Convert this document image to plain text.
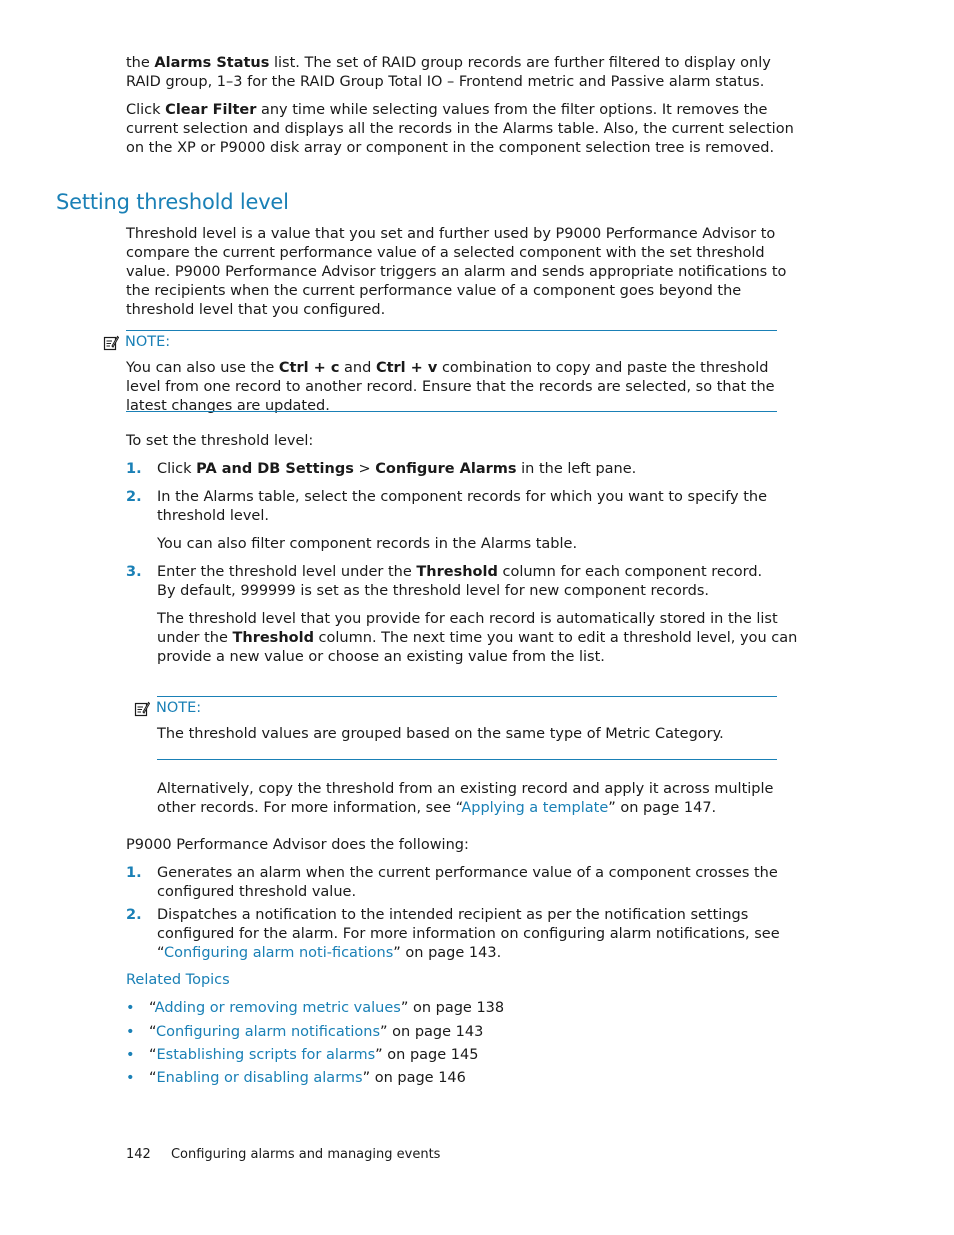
the Alarms Status list. The set of RAID group records are further filtered to display only RAID group, 1–3 for the RAID Group Total IO – Frontend metric and Passive alarm status.

Click Clear Filter any time while selecting values from the filter options. It removes the current selection and displays all the records in the Alarms table. Also, the current selection on the XP or P9000 disk array or component in the component selection tree is removed.

Setting threshold level

Threshold level is a value that you set and further used by P9000 Performance Advisor to compare the current performance value of a selected component with the set threshold value. P9000 Performance Advisor triggers an alarm and sends appropriate notifications to the recipients when the current performance value of a component goes beyond the threshold level that you configured.

NOTE:

You can also use the Ctrl + c and Ctrl + v combination to copy and paste the threshold level from one record to another record. Ensure that the records are selected, so that the latest changes are updated.

To set the threshold level:

1. Click PA and DB Settings > Configure Alarms in the left pane.

2. In the Alarms table, select the component records for which you want to specify the threshold level.

You can also filter component records in the Alarms table.

3. Enter the threshold level under the Threshold column for each component record. By default, 999999 is set as the threshold level for new component records.

The threshold level that you provide for each record is automatically stored in the list under the Threshold column. The next time you want to edit a threshold level, you can provide a new value or choose an existing value from the list.

NOTE:

The threshold values are grouped based on the same type of Metric Category.

Alternatively, copy the threshold from an existing record and apply it across multiple other records. For more information, see “Applying a template” on page 147.

P9000 Performance Advisor does the following:

1. Generates an alarm when the current performance value of a component crosses the configured threshold value.

2. Dispatches a notification to the intended recipient as per the notification settings configured for the alarm. For more information on configuring alarm notifications, see “Configuring alarm noti-fications” on page 143.

Related Topics

• “Adding or removing metric values” on page 138

• “Configuring alarm notifications” on page 143

• “Establishing scripts for alarms” on page 145

• “Enabling or disabling alarms” on page 146

142 Configuring alarms and managing events
